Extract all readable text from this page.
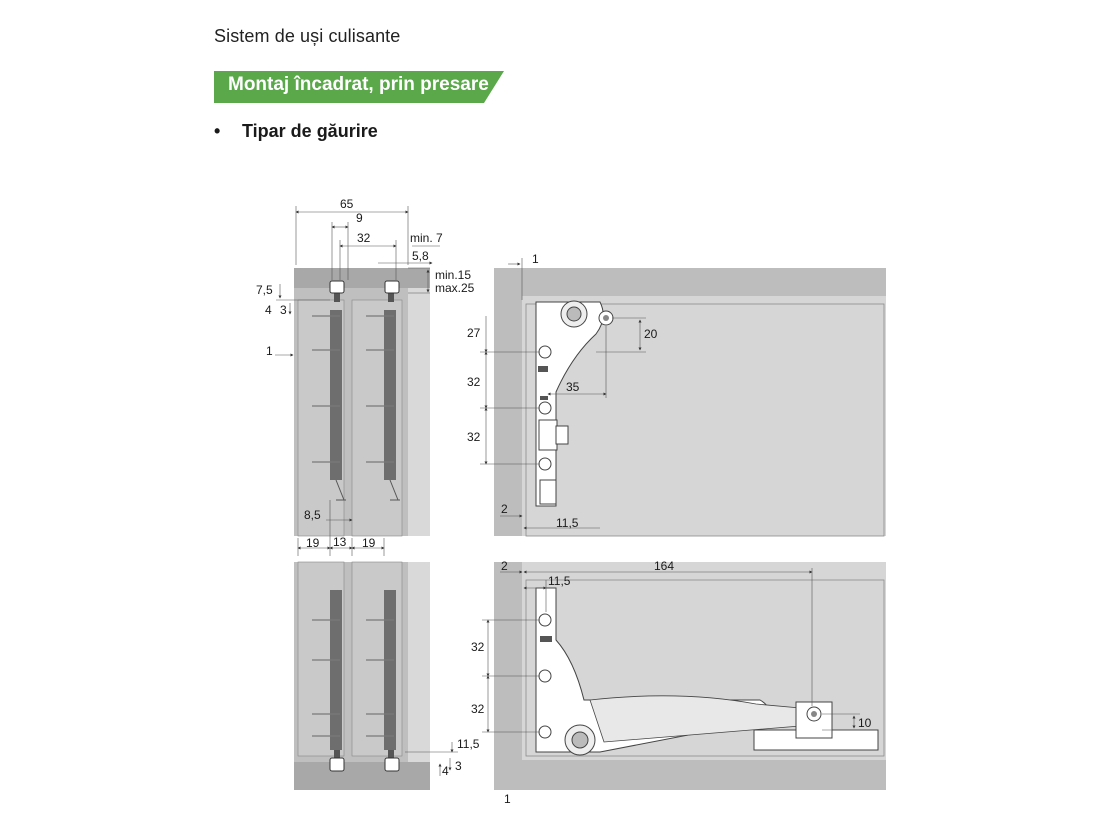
Sistem de uși culisante
Montaj încadrat, prin presare
• Tipar de găurire
65
9
32	min. 7
5,8
min.15
max.25
7,5
4 3
1
8,5
19 13 19
11,5
4 3
1
1
27	20
32	35
32
2
11,5
2	164
11,5
32
32
10
